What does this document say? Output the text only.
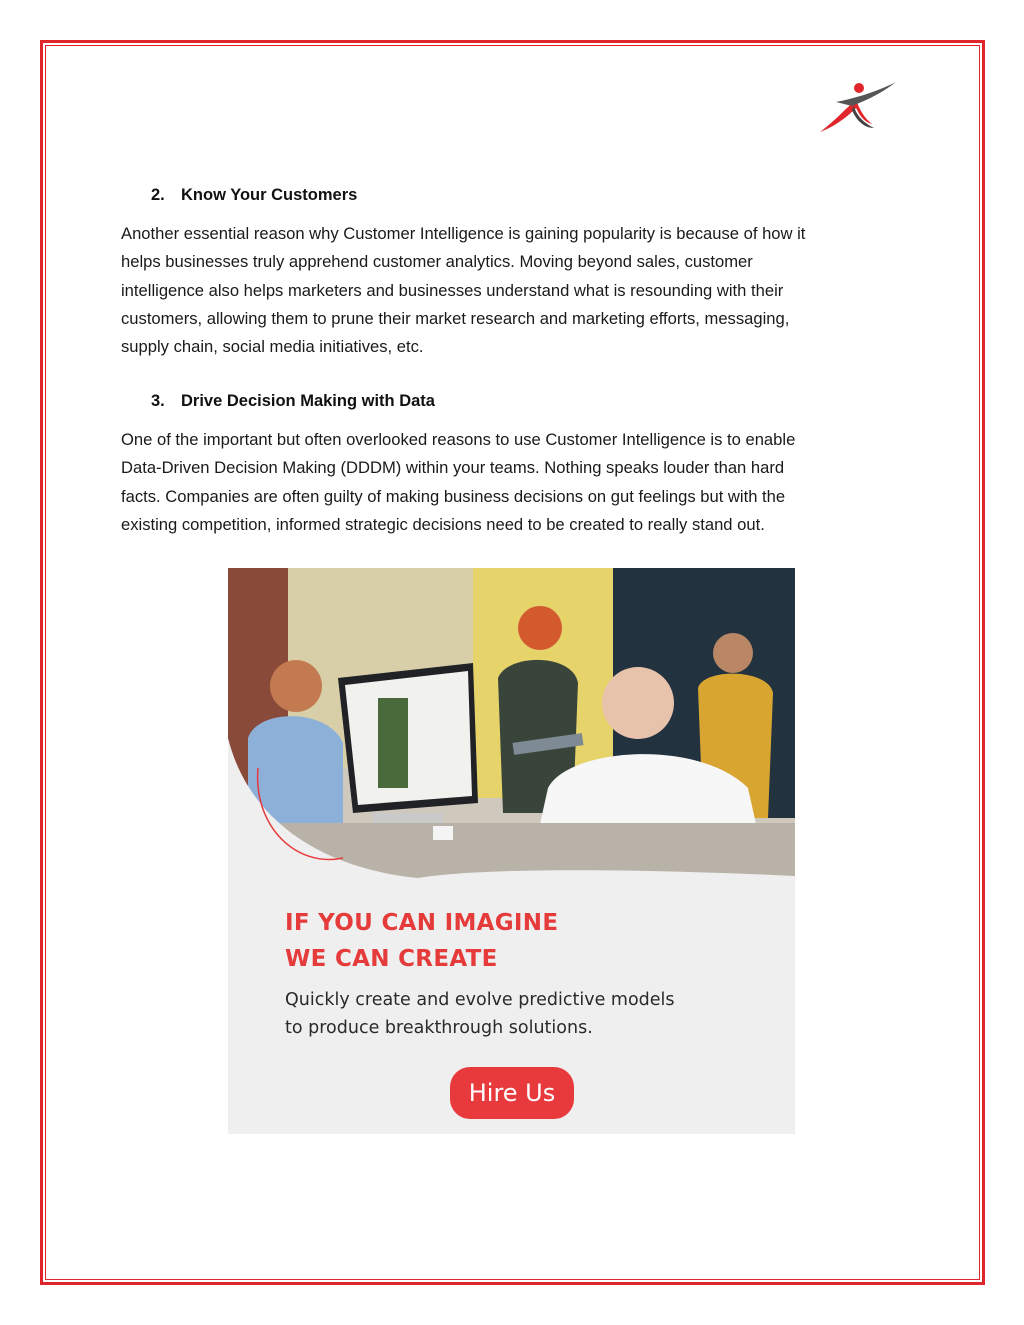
2. Know Your Customers
Another essential reason why Customer Intelligence is gaining popularity is because of how it
helps businesses truly apprehend customer analytics. Moving beyond sales, customer
intelligence also helps marketers and businesses understand what is resounding with their
customers, allowing them to prune their market research and marketing efforts, messaging,
supply chain, social media initiatives, etc.
3. Drive Decision Making with Data
One of the important but often overlooked reasons to use Customer Intelligence is to enable
Data-Driven Decision Making (DDDM) within your teams. Nothing speaks louder than hard
facts. Companies are often guilty of making business decisions on gut feelings but with the
existing competition, informed strategic decisions need to be created to really stand out.
IF YOU CAN IMAGINE
WE CAN CREATE
Quickly create and evolve predictive models
to produce breakthrough solutions.
Hire Us
